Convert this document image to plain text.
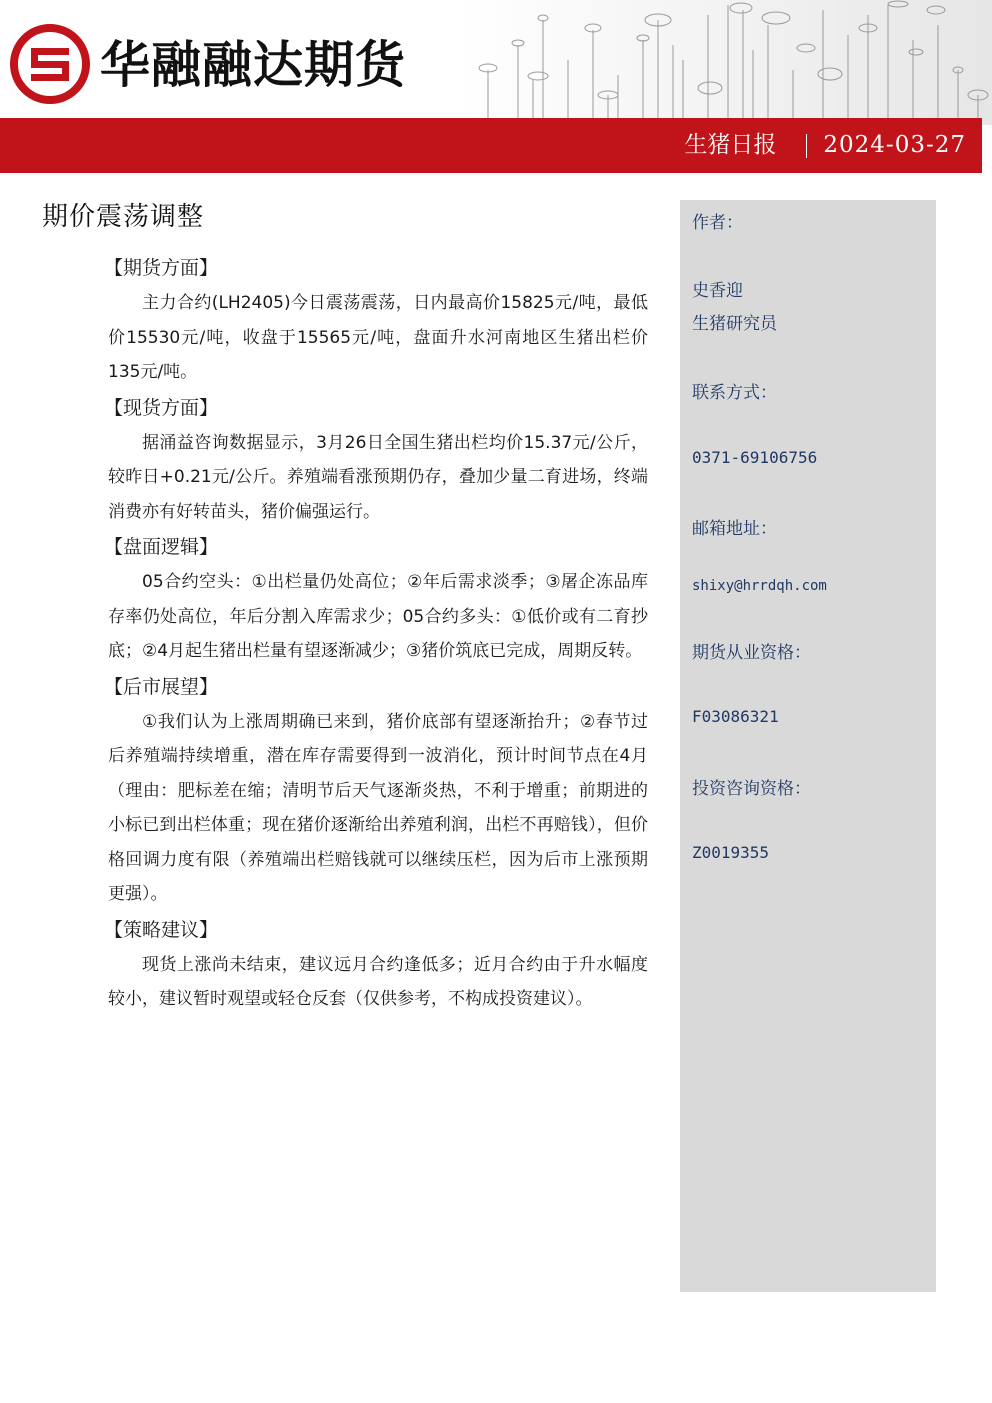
华融融达期货
生猪日报 2024-03-27
期价震荡调整
【期货方面】

主力合约(LH2405)今日震荡震荡，日内最高价15825元/吨，最低价15530元/吨，收盘于15565元/吨，盘面升水河南地区生猪出栏价135元/吨。

【现货方面】

据涌益咨询数据显示，3月26日全国生猪出栏均价15.37元/公斤，较昨日+0.21元/公斤。养殖端看涨预期仍存，叠加少量二育进场，终端消费亦有好转苗头，猪价偏强运行。

【盘面逻辑】

05合约空头：①出栏量仍处高位；②年后需求淡季；③屠企冻品库存率仍处高位，年后分割入库需求少；05合约多头：①低价或有二育抄底；②4月起生猪出栏量有望逐渐减少；③猪价筑底已完成，周期反转。

【后市展望】

①我们认为上涨周期确已来到，猪价底部有望逐渐抬升；②春节过后养殖端持续增重，潜在库存需要得到一波消化，预计时间节点在4月（理由：肥标差在缩；清明节后天气逐渐炎热，不利于增重；前期进的小标已到出栏体重；现在猪价逐渐给出养殖利润，出栏不再赔钱），但价格回调力度有限（养殖端出栏赔钱就可以继续压栏，因为后市上涨预期更强）。

【策略建议】

现货上涨尚未结束，建议远月合约逢低多；近月合约由于升水幅度较小，建议暂时观望或轻仓反套（仅供参考，不构成投资建议）。

作者：
史香迎
生猪研究员
联系方式：
0371-69106756
邮箱地址：
shixy@hrrdqh.com
期货从业资格：
F03086321
投资咨询资格：
Z0019355
